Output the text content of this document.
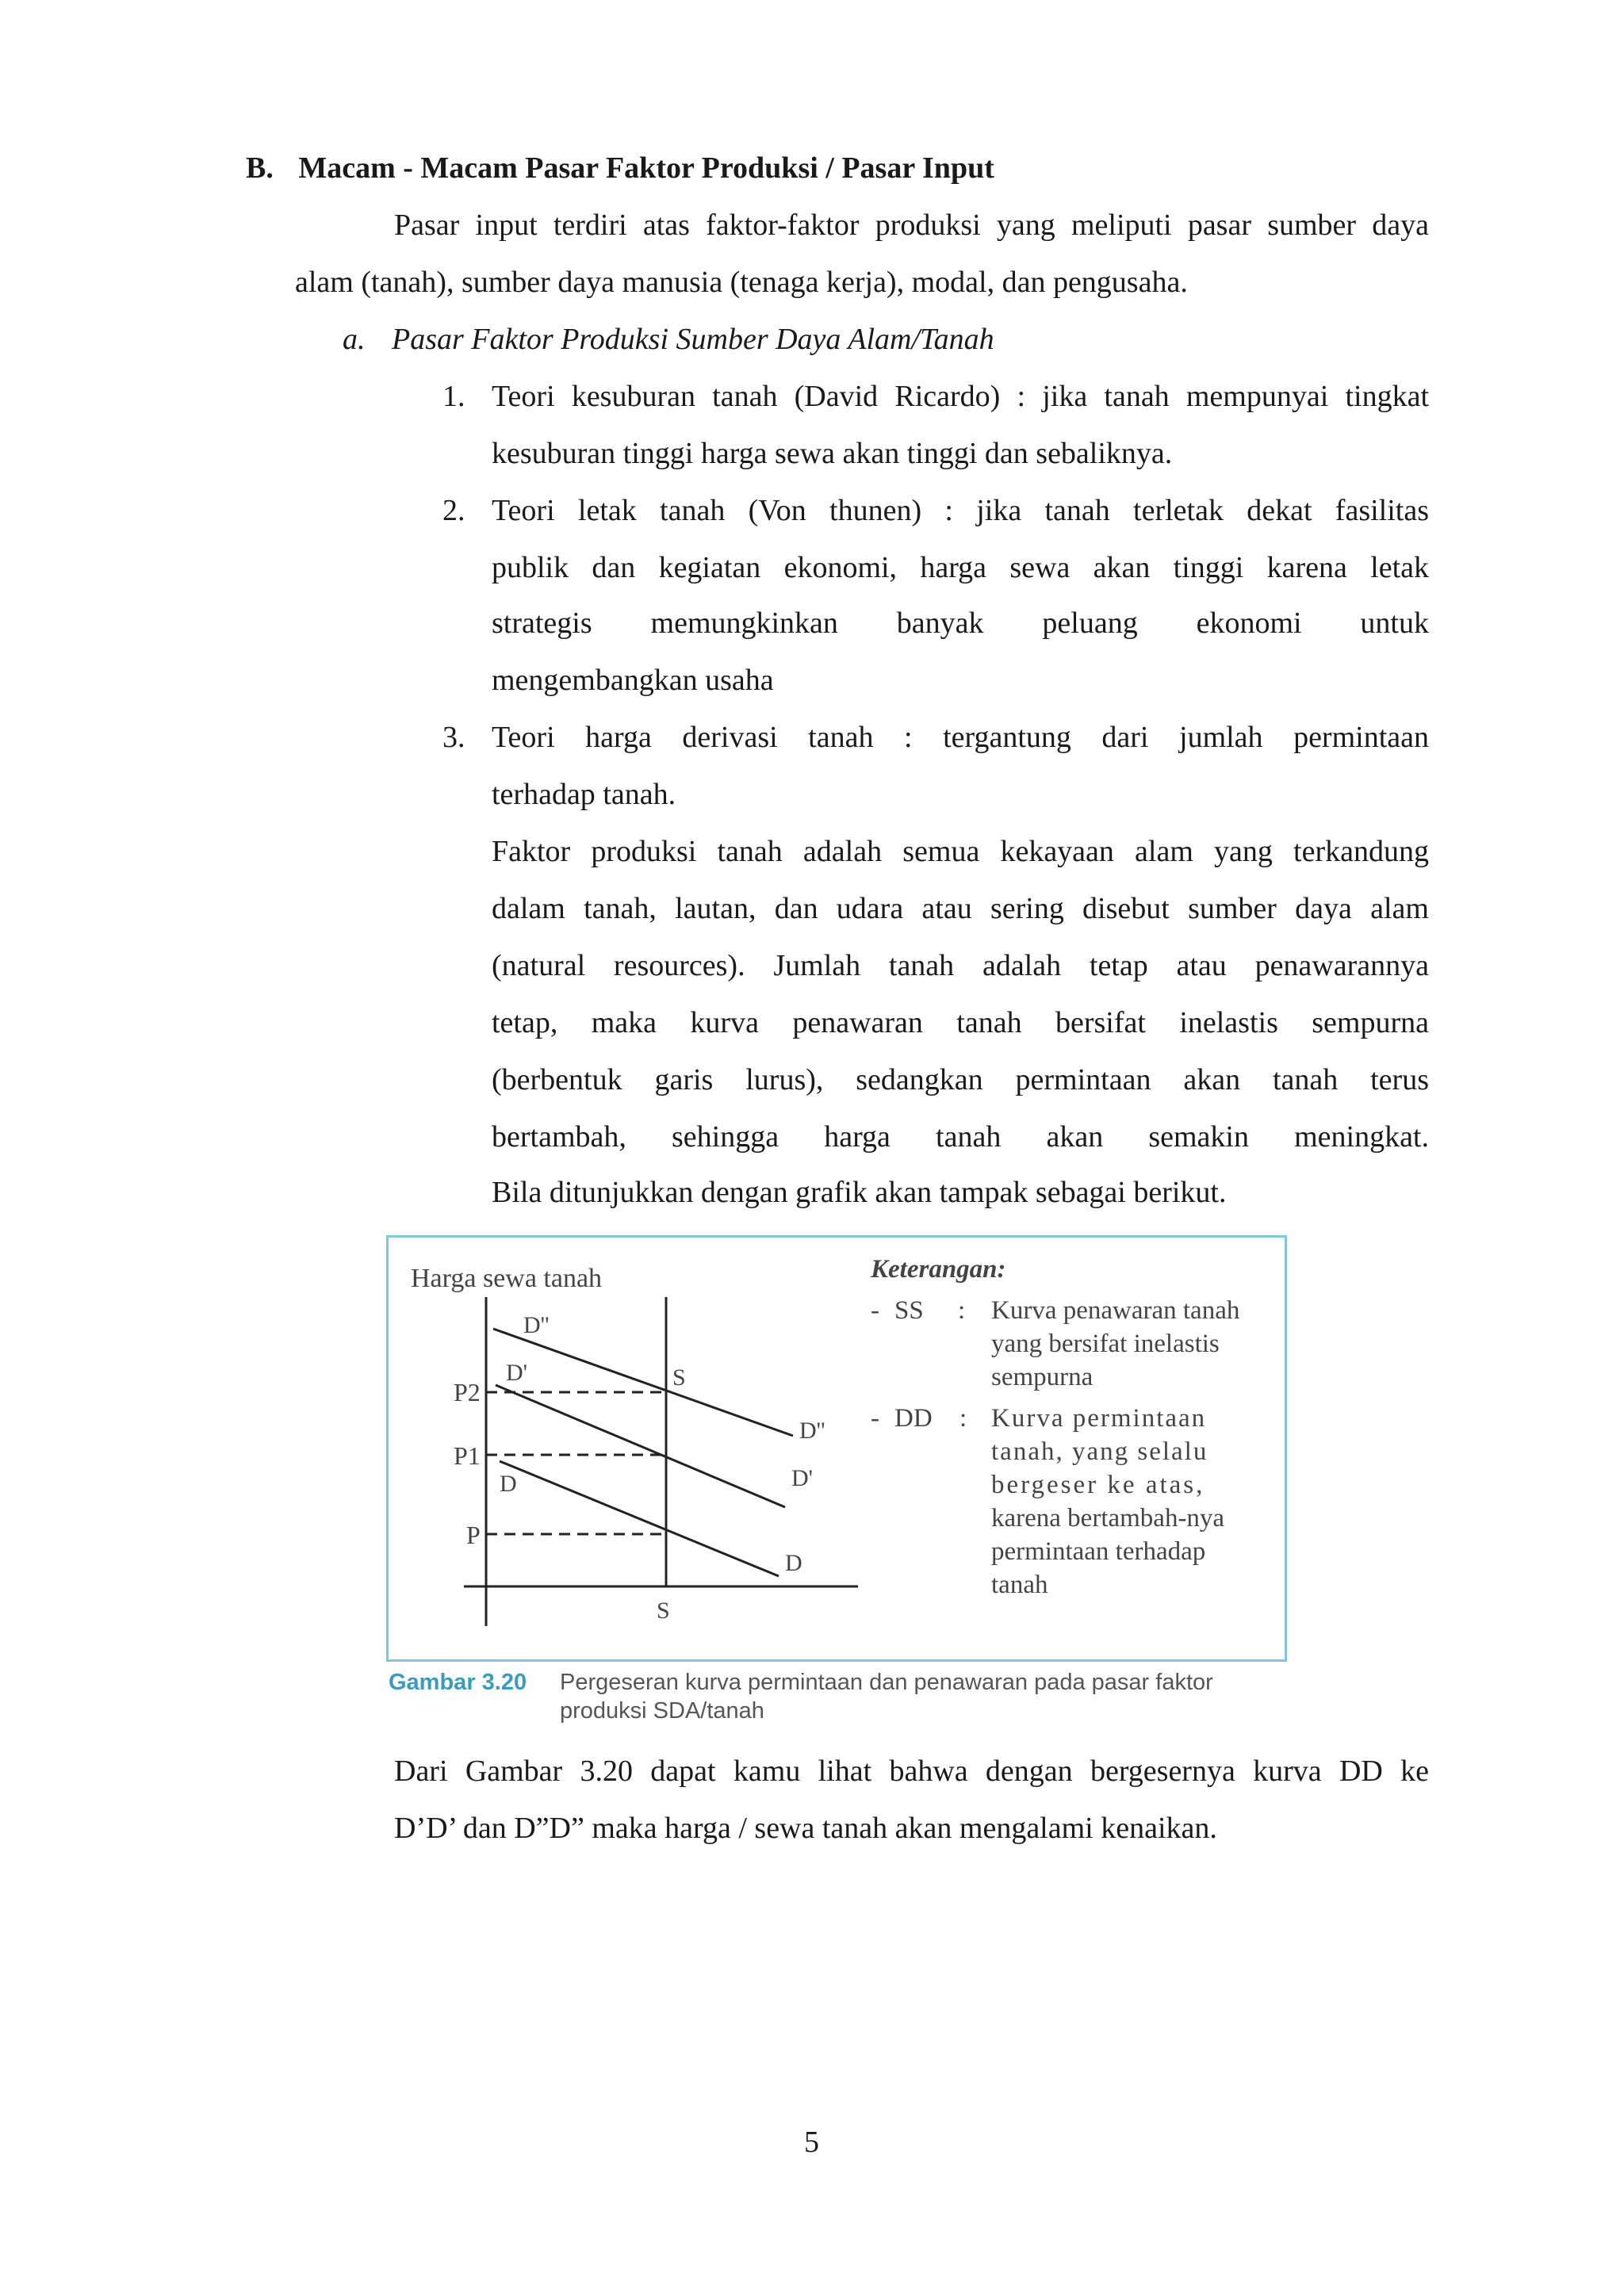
B. Macam - Macam Pasar Faktor Produksi / Pasar Input
Pasar input terdiri atas faktor-faktor produksi yang meliputi pasar sumber daya
alam (tanah), sumber daya manusia (tenaga kerja), modal, dan pengusaha.
a. Pasar Faktor Produksi Sumber Daya Alam/Tanah
1. Teori kesuburan tanah (David Ricardo) : jika tanah mempunyai tingkat
kesuburan tinggi harga sewa akan tinggi dan sebaliknya.
2. Teori letak tanah (Von thunen) : jika tanah terletak dekat fasilitas
publik dan kegiatan ekonomi, harga sewa akan tinggi karena letak
strategis memungkinkan banyak peluang ekonomi untuk
mengembangkan usaha
3. Teori harga derivasi tanah : tergantung dari jumlah permintaan
terhadap tanah.
Faktor produksi tanah adalah semua kekayaan alam yang terkandung
dalam tanah, lautan, dan udara atau sering disebut sumber daya alam
(natural resources). Jumlah tanah adalah tetap atau penawarannya
tetap, maka kurva penawaran tanah bersifat inelastis sempurna
(berbentuk garis lurus), sedangkan permintaan akan tanah terus
bertambah, sehingga harga tanah akan semakin meningkat.
Bila ditunjukkan dengan grafik akan tampak sebagai berikut.
Harga sewa tanah
P2
P1
P
D''
D'
D
S
D''
D'
D
S
Keterangan:
- SS : Kurva penawaran tanah
yang bersifat inelastis
sempurna
- DD : Kurva permintaan
tanah, yang selalu
bergeser ke atas,
karena bertambah-nya
permintaan terhadap
tanah
Gambar 3.20 Pergeseran kurva permintaan dan penawaran pada pasar faktor
produksi SDA/tanah
Dari Gambar 3.20 dapat kamu lihat bahwa dengan bergesernya kurva DD ke
D’D’ dan D”D” maka harga / sewa tanah akan mengalami kenaikan.
5
